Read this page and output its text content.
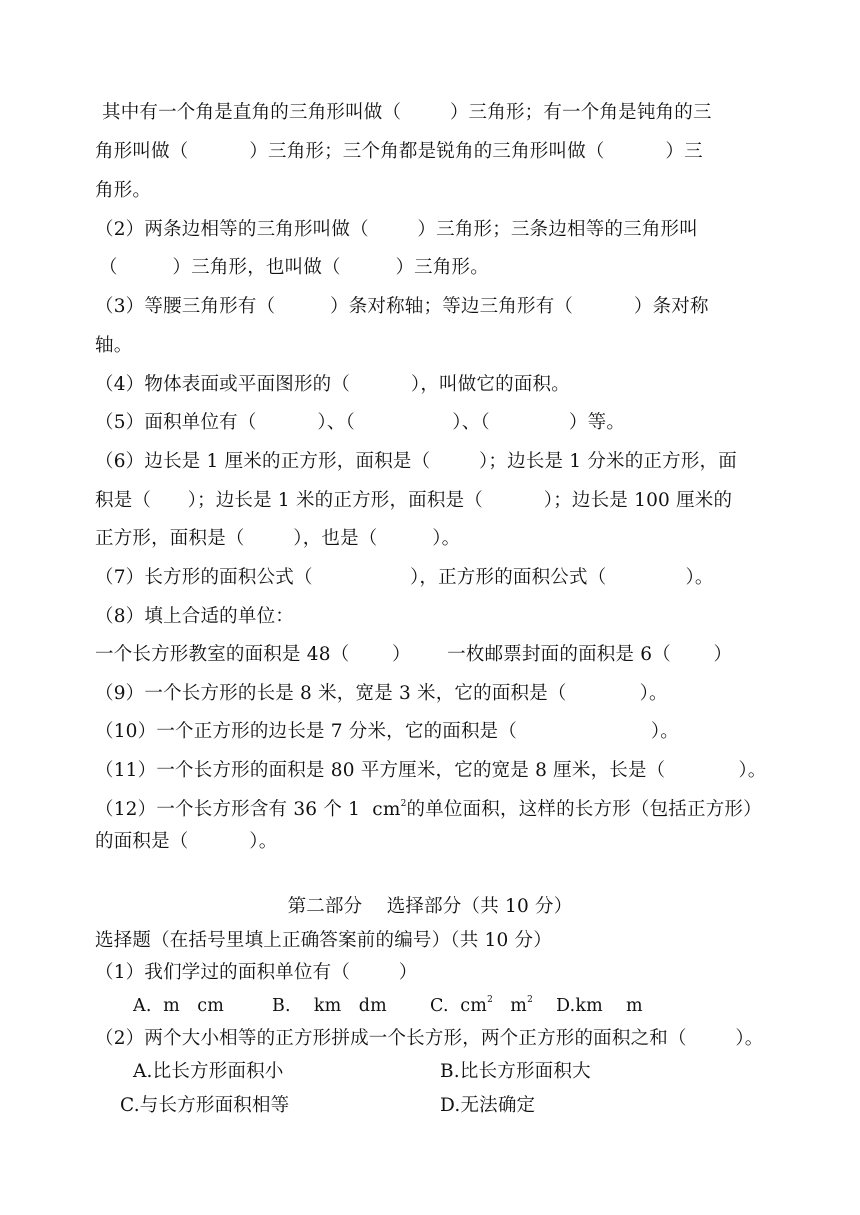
其中有一个角是直角的三角形叫做（        ）三角形；有一个角是钝角的三
角形叫做（          ）三角形；三个角都是锐角的三角形叫做（          ）三
角形。
（2）两条边相等的三角形叫做（        ）三角形；三条边相等的三角形叫
（         ）三角形，也叫做（         ）三角形。
（3）等腰三角形有（         ）条对称轴；等边三角形有（          ）条对称
轴。
（4）物体表面或平面图形的（          ），叫做它的面积。
（5）面积单位有（          ）、（                ）、（             ）等。
（6）边长是 1 厘米的正方形，面积是（        ）；边长是 1 分米的正方形，面
积是（      ）；边长是 1 米的正方形，面积是（          ）；边长是 100 厘米的
正方形，面积是（        ），也是（         ）。
（7）长方形的面积公式（                ），正方形的面积公式（             ）。
（8）填上合适的单位：
一个长方形教室的面积是 48（       ）      一枚邮票封面的面积是 6（       ）
（9）一个长方形的长是 8 米，宽是 3 米，它的面积是（            ）。
（10）一个正方形的边长是 7 分米，它的面积是（                      ）。
（11）一个长方形的面积是 80 平方厘米，它的宽是 8 厘米，长是（            ）。
（12）一个长方形含有 36 个 1  $cm^2$的单位面积，这样的长方形（包括正方形）
的面积是（          ）。
第二部分    选择部分（共 10 分）
选择题（在括号里填上正确答案前的编号）（共 10 分）
（1）我们学过的面积单位有（        ）
A.  m   cm	B.    km   dm C.  $cm^2$   $m^2$ D.km    m
（2）两个大小相等的正方形拼成一个长方形，两个正方形的面积之和（        ）。
A.比长方形面积小	B.比长方形面积大
C.与长方形面积相等	D.无法确定
